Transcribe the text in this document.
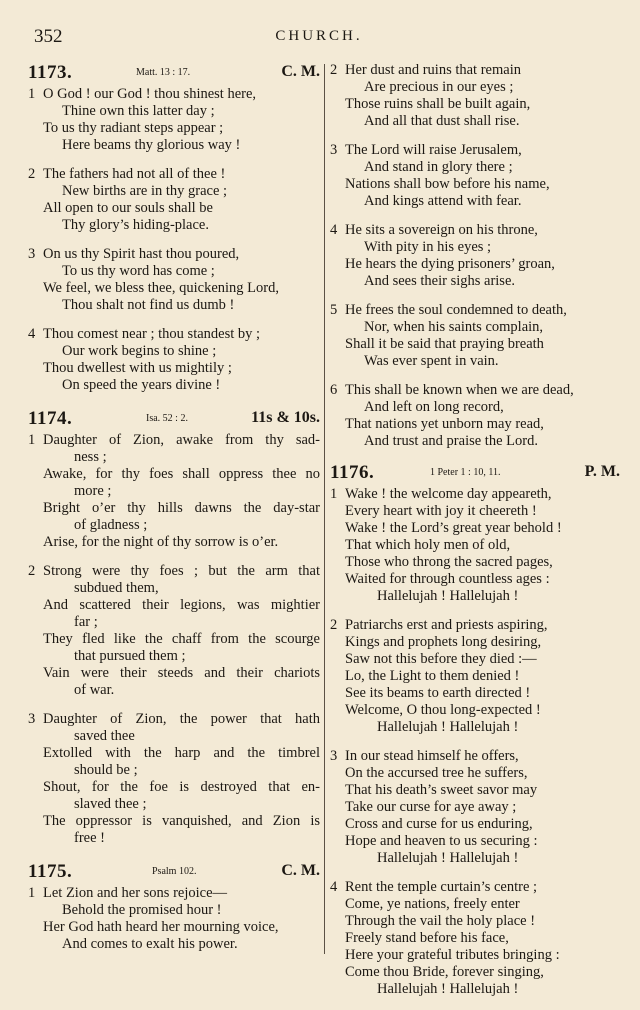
352	CHURCH.
1173.	Matt. 13 : 17.	C. M.
1 O God ! our God ! thou shinest here,
Thine own this latter day ;
To us thy radiant steps appear ;
Here beams thy glorious way !
2 The fathers had not all of thee !
New births are in thy grace ;
All open to our souls shall be
Thy glory’s hiding-place.
3 On us thy Spirit hast thou poured,
To us thy word has come ;
We feel, we bless thee, quickening Lord,
Thou shalt not find us dumb !
4 Thou comest near ; thou standest by ;
Our work begins to shine ;
Thou dwellest with us mightily ;
On speed the years divine !
1174.	Isa. 52 : 2.	11s & 10s.
1 Daughter of Zion, awake from thy sad-
ness ;
Awake, for thy foes shall oppress thee no
more ;
Bright o’er thy hills dawns the day-star
of gladness ;
Arise, for the night of thy sorrow is o’er.
2 Strong were thy foes ; but the arm that
subdued them,
And scattered their legions, was mightier
far ;
They fled like the chaff from the scourge
that pursued them ;
Vain were their steeds and their chariots
of war.
3 Daughter of Zion, the power that hath
saved thee
Extolled with the harp and the timbrel
should be ;
Shout, for the foe is destroyed that en-
slaved thee ;
The oppressor is vanquished, and Zion is
free !
1175.	Psalm 102.	C. M.
1 Let Zion and her sons rejoice—
Behold the promised hour !
Her God hath heard her mourning voice,
And comes to exalt his power.
2 Her dust and ruins that remain
Are precious in our eyes ;
Those ruins shall be built again,
And all that dust shall rise.
3 The Lord will raise Jerusalem,
And stand in glory there ;
Nations shall bow before his name,
And kings attend with fear.
4 He sits a sovereign on his throne,
With pity in his eyes ;
He hears the dying prisoners’ groan,
And sees their sighs arise.
5 He frees the soul condemned to death,
Nor, when his saints complain,
Shall it be said that praying breath
Was ever spent in vain.
6 This shall be known when we are dead,
And left on long record,
That nations yet unborn may read,
And trust and praise the Lord.
1176.	1 Peter 1 : 10, 11.	P. M.
1 Wake ! the welcome day appeareth,
Every heart with joy it cheereth !
Wake ! the Lord’s great year behold !
That which holy men of old,
Those who throng the sacred pages,
Waited for through countless ages :
Hallelujah ! Hallelujah !
2 Patriarchs erst and priests aspiring,
Kings and prophets long desiring,
Saw not this before they died :—
Lo, the Light to them denied !
See its beams to earth directed !
Welcome, O thou long-expected !
Hallelujah ! Hallelujah !
3 In our stead himself he offers,
On the accursed tree he suffers,
That his death’s sweet savor may
Take our curse for aye away ;
Cross and curse for us enduring,
Hope and heaven to us securing :
Hallelujah ! Hallelujah !
4 Rent the temple curtain’s centre ;
Come, ye nations, freely enter
Through the vail the holy place !
Freely stand before his face,
Here your grateful tributes bringing :
Come thou Bride, forever singing,
Hallelujah ! Hallelujah !
